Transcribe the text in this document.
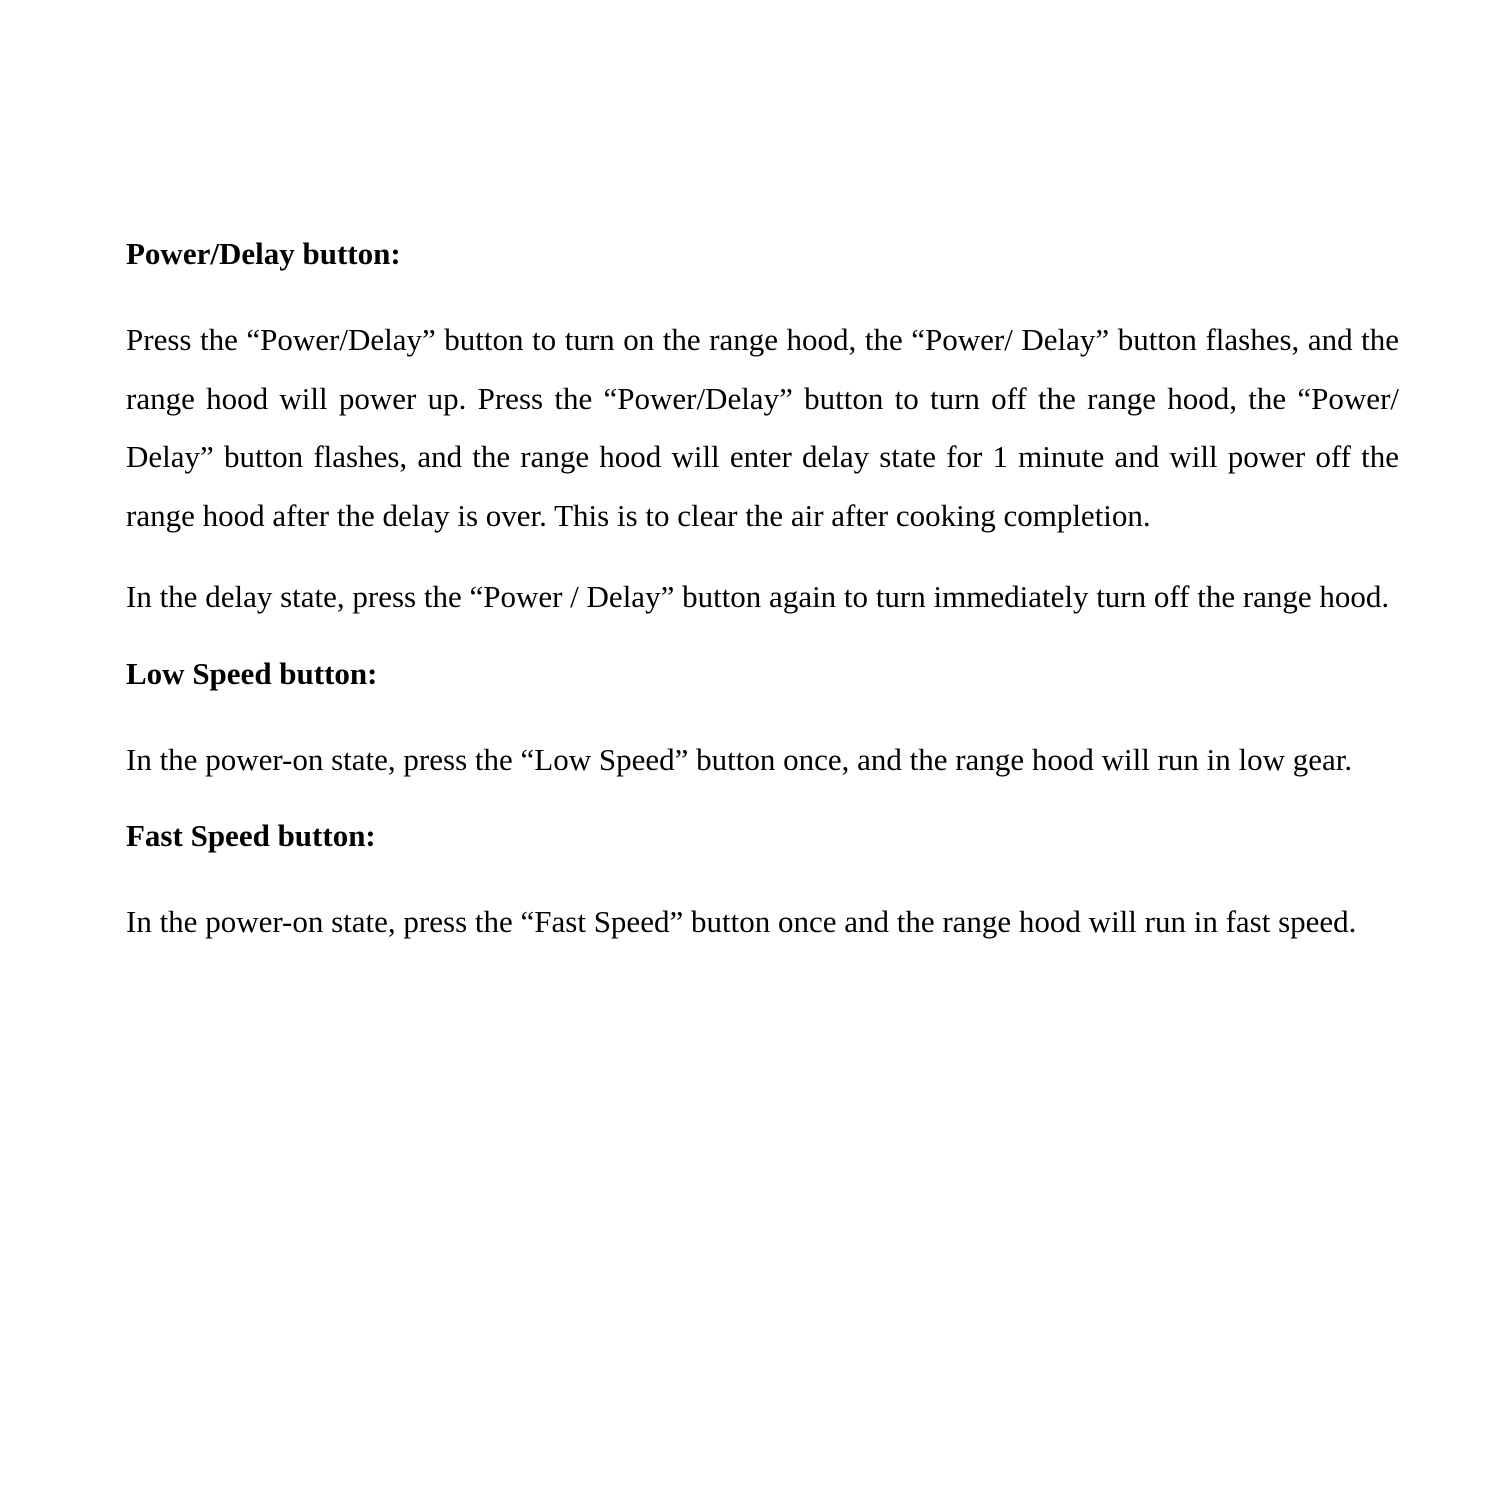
Power/Delay button:

Press the “Power/Delay” button to turn on the range hood, the “Power/ Delay” button flashes, and the range hood will power up. Press the “Power/Delay” button to turn off the range hood, the “Power/ Delay” button flashes, and the range hood will enter delay state for 1 minute and will power off the range hood after the delay is over. This is to clear the air after cooking completion.

In the delay state, press the “Power / Delay” button again to turn immediately turn off the range hood.

Low Speed button:

In the power-on state, press the “Low Speed” button once, and the range hood will run in low gear.

Fast Speed button:

In the power-on state, press the “Fast Speed” button once and the range hood will run in fast speed.
